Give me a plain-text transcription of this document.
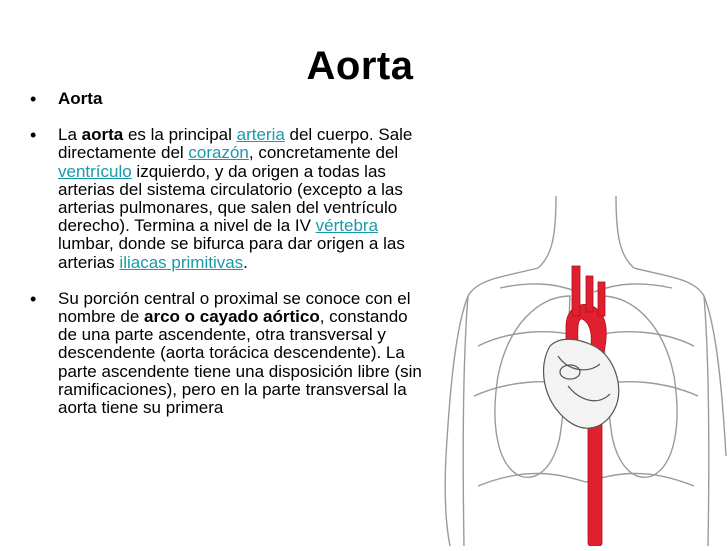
Aorta
•	Aorta
•	La aorta es la principal arteria del cuerpo. Sale directamente del corazón, concretamente del ventrículo izquierdo, y da origen a todas las arterias del sistema circulatorio (excepto a las arterias pulmonares, que salen del ventrículo derecho). Termina a nivel de la IV vértebra lumbar, donde se bifurca para dar origen a las arterias iliacas primitivas.
•	Su porción central o proximal se conoce con el nombre de arco o cayado aórtico, constando de una parte ascendente, otra transversal y descendente (aorta torácica descendente). La parte ascendente tiene una disposición libre (sin ramificaciones), pero en la parte transversal la aorta tiene su primera
